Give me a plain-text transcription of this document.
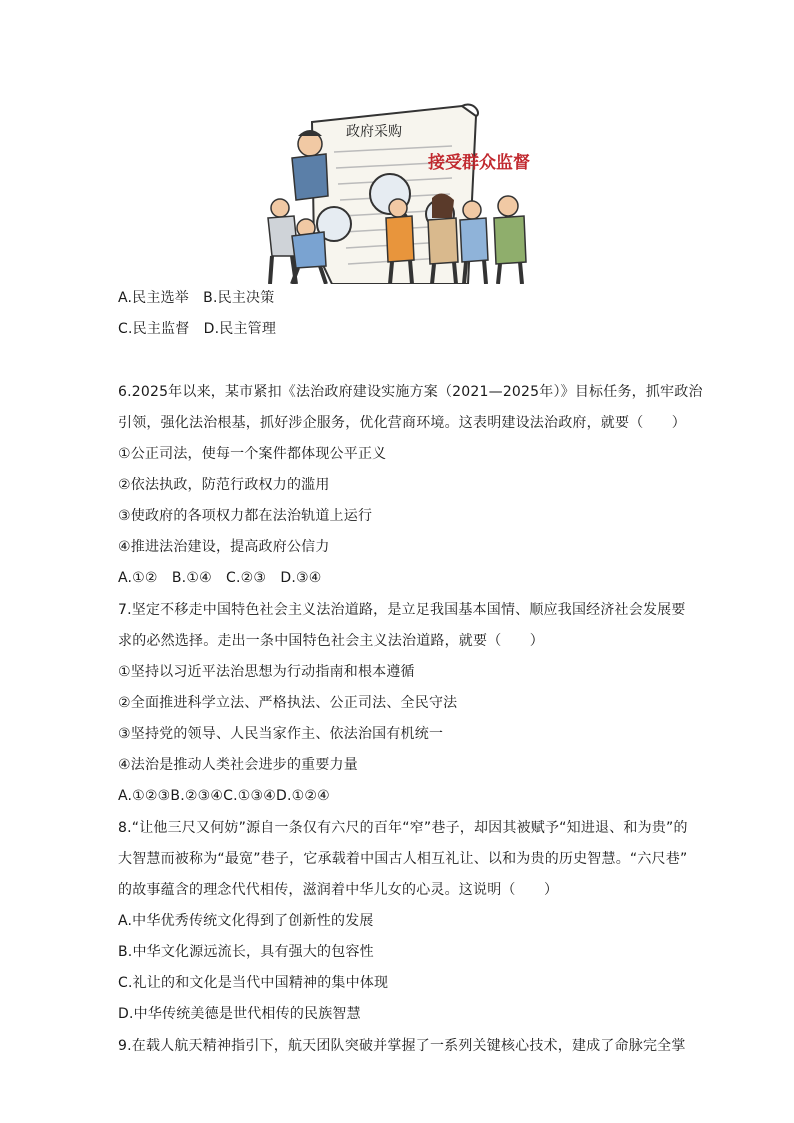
政府采购
接受群众监督
A.民主选举　B.民主决策
C.民主监督　D.民主管理
6.2025年以来，某市紧扣《法治政府建设实施方案（2021—2025年）》目标任务，抓牢政治
引领，强化法治根基，抓好涉企服务，优化营商环境。这表明建设法治政府，就要（　　）
①公正司法，使每一个案件都体现公平正义
②依法执政，防范行政权力的滥用
③使政府的各项权力都在法治轨道上运行
④推进法治建设，提高政府公信力
A.①②　B.①④　C.②③　D.③④
7.坚定不移走中国特色社会主义法治道路，是立足我国基本国情、顺应我国经济社会发展要
求的必然选择。走出一条中国特色社会主义法治道路，就要（　　）
①坚持以习近平法治思想为行动指南和根本遵循
②全面推进科学立法、严格执法、公正司法、全民守法
③坚持党的领导、人民当家作主、依法治国有机统一
④法治是推动人类社会进步的重要力量
A.①②③B.②③④C.①③④D.①②④
8.“让他三尺又何妨”源自一条仅有六尺的百年“窄”巷子，却因其被赋予“知进退、和为贵”的
大智慧而被称为“最宽”巷子，它承载着中国古人相互礼让、以和为贵的历史智慧。“六尺巷”
的故事蕴含的理念代代相传，滋润着中华儿女的心灵。这说明（　　）
A.中华优秀传统文化得到了创新性的发展
B.中华文化源远流长，具有强大的包容性
C.礼让的和文化是当代中国精神的集中体现
D.中华传统美德是世代相传的民族智慧
9.在载人航天精神指引下，航天团队突破并掌握了一系列关键核心技术，建成了命脉完全掌
